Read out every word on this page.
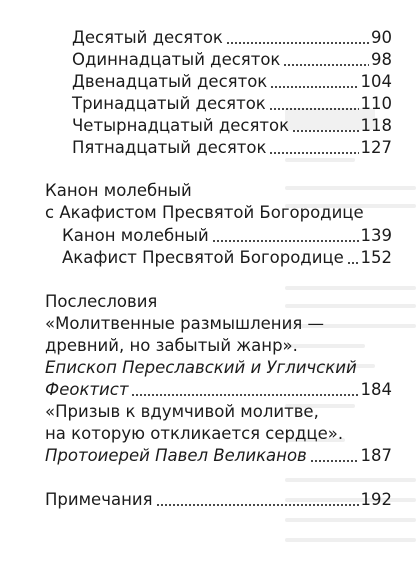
Десятый десяток	90
Одиннадцатый десяток	98
Двенадцатый десяток	104
Тринадцатый десяток	110
Четырнадцатый десяток	118
Пятнадцатый десяток	127
Канон молебный
с Акафистом Пресвятой Богородице
Канон молебный	139
Акафист Пресвятой Богородице 152
Послесловия
«Молитвенные размышления —
древний, но забытый жанр».
Епископ Переславский и Угличский
Феоктист	184
«Призыв к вдумчивой молитве,
на которую откликается сердце».
Протоиерей Павел Великанов	187
Примечания	192
